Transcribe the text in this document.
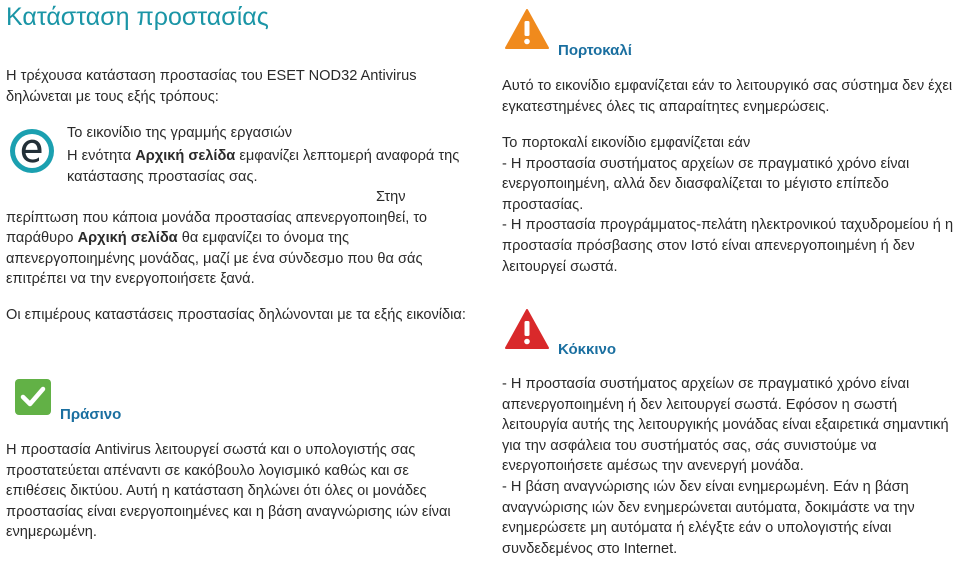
Κατάσταση προστασίας

Η τρέχουσα κατάσταση προστασίας του ESET NOD32 Antivirus δηλώνεται με τους εξής τρόπους:

Το εικονίδιο της γραμμής εργασιών

Η ενότητα Αρχική σελίδα εμφανίζει λεπτομερή αναφορά της κατάστασης προστασίας σας.

Στην περίπτωση που κάποια μονάδα προστασίας απενεργοποιηθεί, το παράθυρο Αρχική σελίδα θα εμφανίζει το όνομα της απενεργοποιημένης μονάδας, μαζί με ένα σύνδεσμο που θα σάς επιτρέπει να την ενεργοποιήσετε ξανά.

Οι επιμέρους καταστάσεις προστασίας δηλώνονται με τα εξής εικονίδια:

Πράσινο

Η προστασία Antivirus λειτουργεί σωστά και ο υπολογιστής σας προστατεύεται απέναντι σε κακόβουλο λογισμικό καθώς και σε επιθέσεις δικτύου. Αυτή η κατάσταση δηλώνει ότι όλες οι μονάδες προστασίας είναι ενεργοποιημένες και η βάση αναγνώρισης ιών είναι ενημερωμένη.

Πορτοκαλί

Αυτό το εικονίδιο εμφανίζεται εάν το λειτουργικό σας σύστημα δεν έχει εγκατεστημένες όλες τις απαραίτητες ενημερώσεις.

Το πορτοκαλί εικονίδιο εμφανίζεται εάν

- Η προστασία συστήματος αρχείων σε πραγματικό χρόνο είναι ενεργοποιημένη, αλλά δεν διασφαλίζεται το μέγιστο επίπεδο προστασίας.

- Η προστασία προγράμματος-πελάτη ηλεκτρονικού ταχυδρομείου ή η προστασία πρόσβασης στον Ιστό είναι απενεργοποιημένη ή δεν λειτουργεί σωστά.

Κόκκινο

- Η προστασία συστήματος αρχείων σε πραγματικό χρόνο είναι απενεργοποιημένη ή δεν λειτουργεί σωστά. Εφόσον η σωστή λειτουργία αυτής της λειτουργικής μονάδας είναι εξαιρετικά σημαντική για την ασφάλεια του συστήματός σας, σάς συνιστούμε να ενεργοποιήσετε αμέσως την ανενεργή μονάδα.

- Η βάση αναγνώρισης ιών δεν είναι ενημερωμένη. Εάν η βάση αναγνώρισης ιών δεν ενημερώνεται αυτόματα, δοκιμάστε να την ενημερώσετε μη αυτόματα ή ελέγξτε εάν ο υπολογιστής είναι συνδεδεμένος στο Internet.
